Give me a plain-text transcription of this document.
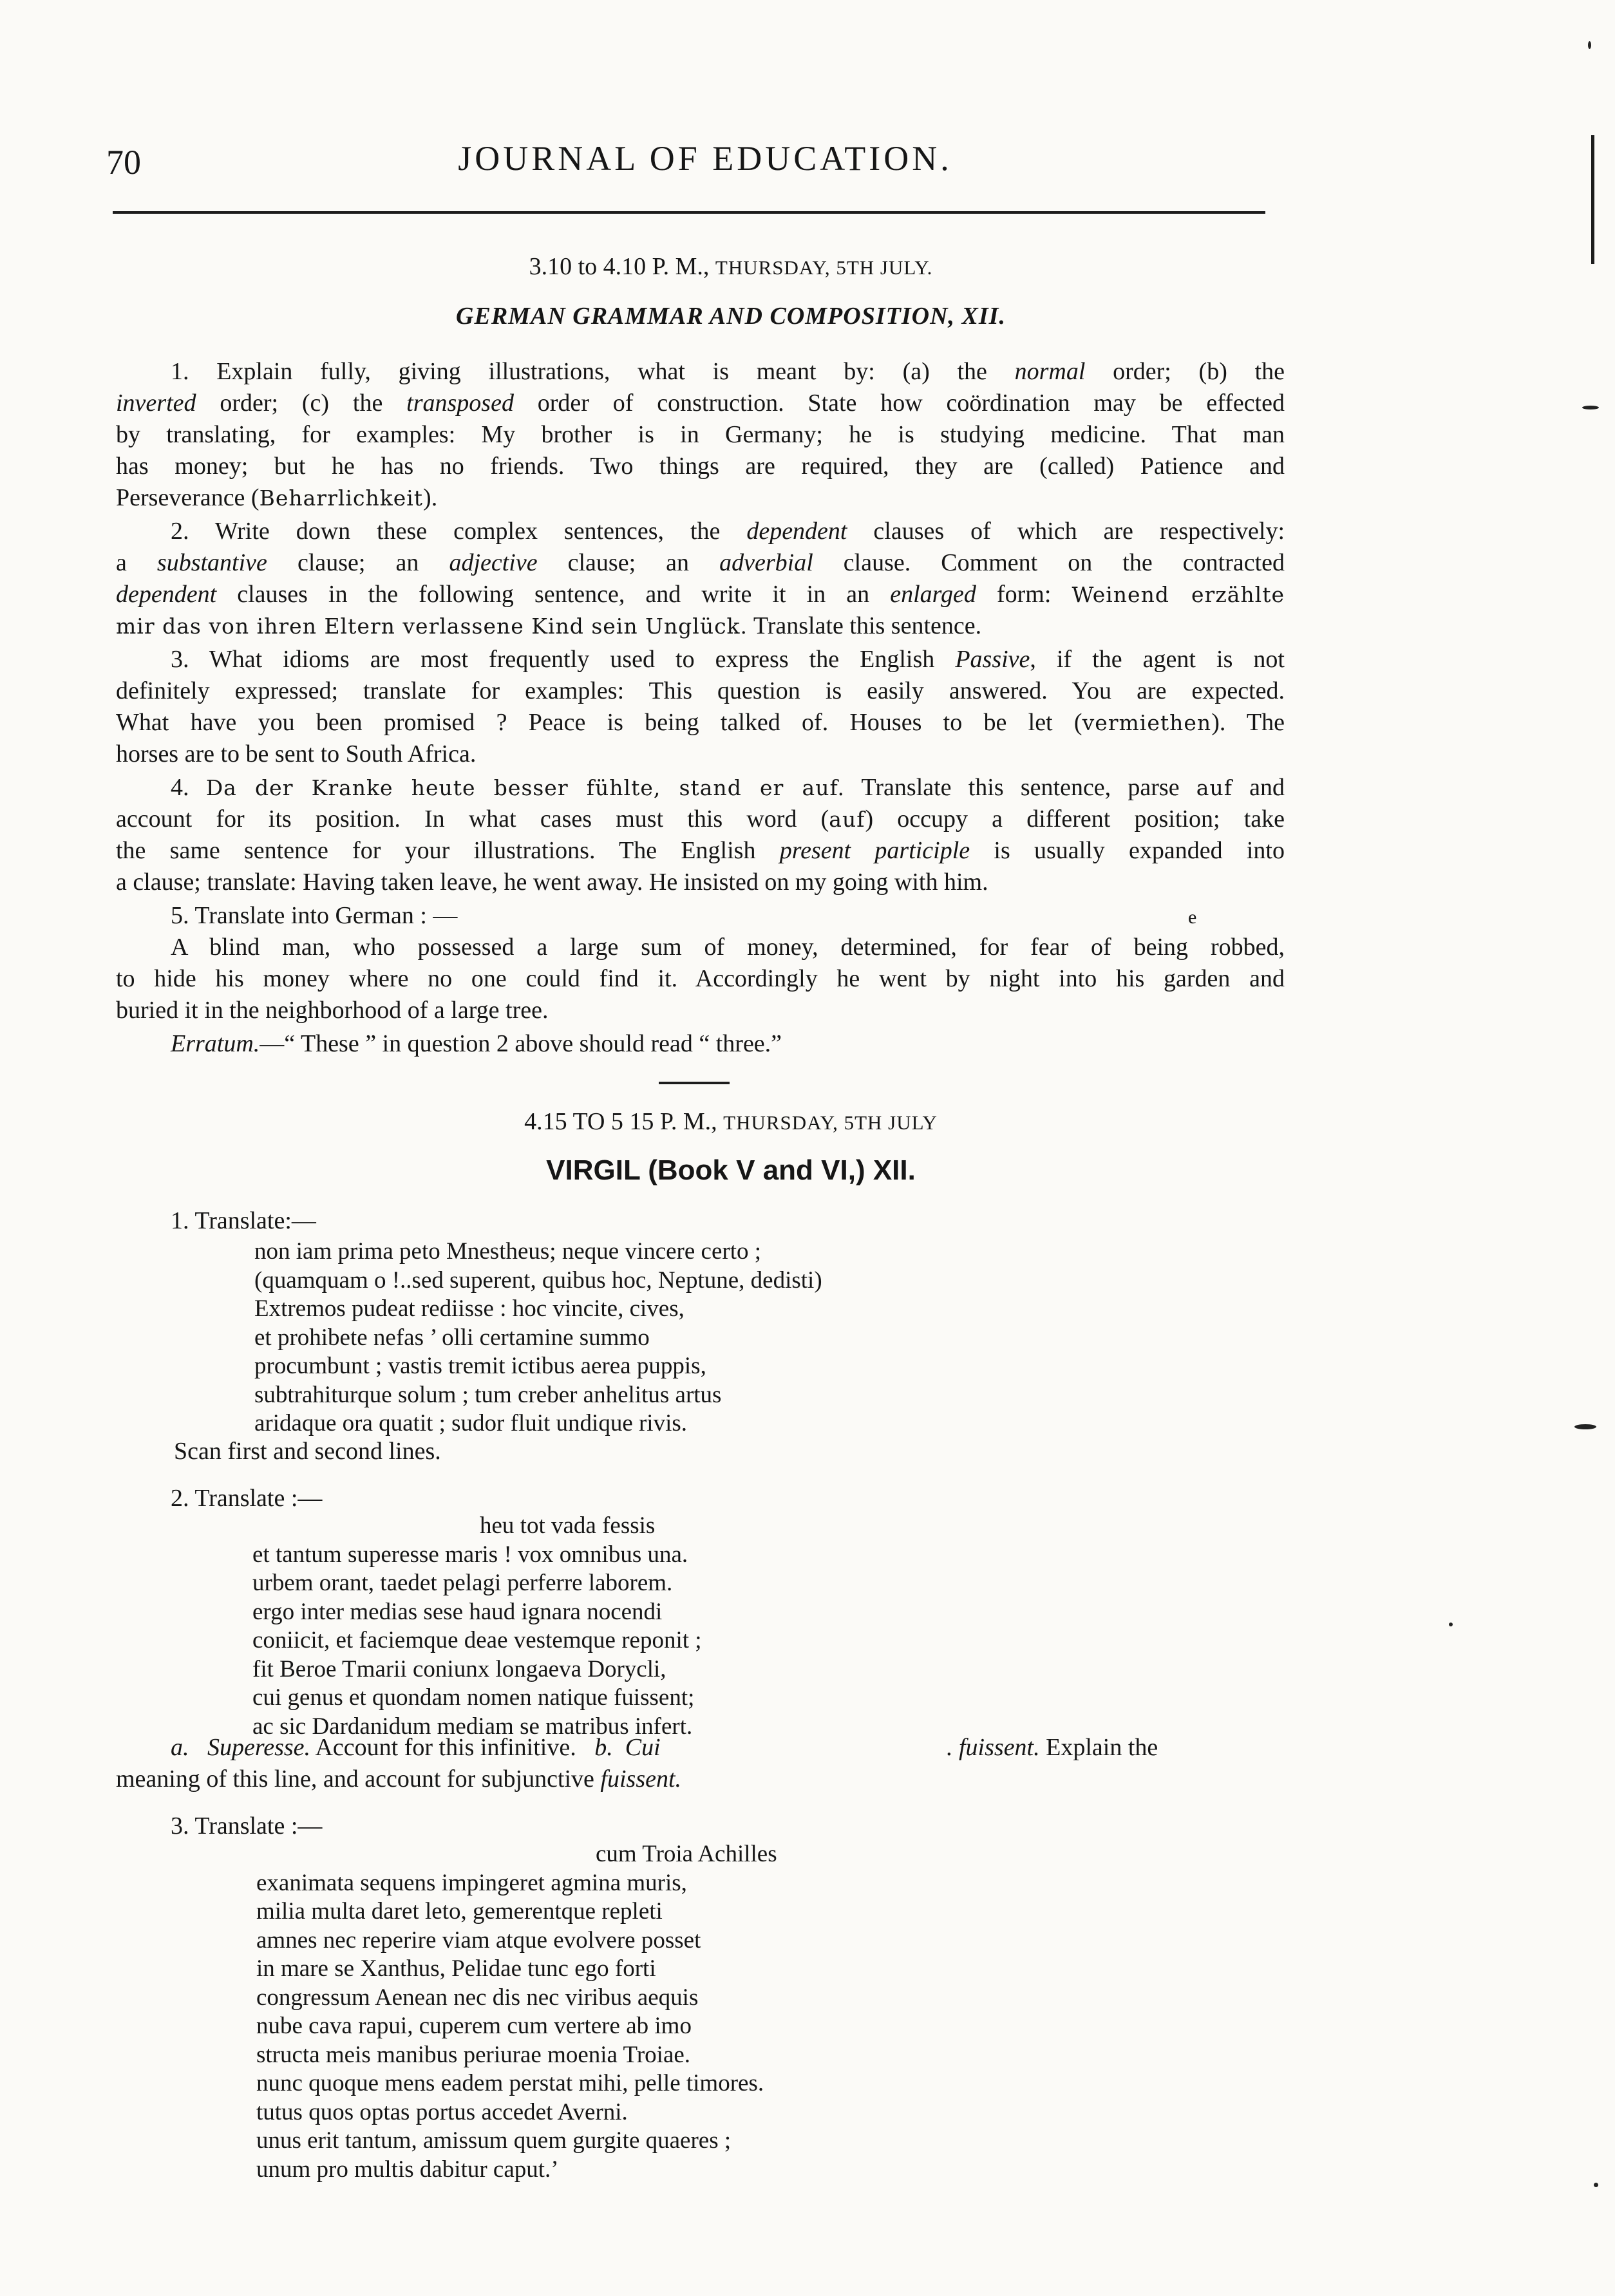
70	JOURNAL OF EDUCATION.
3.10 to 4.10 P. M., THURSDAY, 5TH JULY.
GERMAN GRAMMAR AND COMPOSITION, XII.
1. Explain fully, giving illustrations, what is meant by: (a) the normal order; (b) the
inverted order; (c) the transposed order of construction. State how coördination may be effected
by translating, for examples: My brother is in Germany; he is studying medicine. That man
has money; but he has no friends. Two things are required, they are (called) Patience and
Perseverance (Beharrlichkeit).
2. Write down these complex sentences, the dependent clauses of which are respectively:
a substantive clause; an adjective clause; an adverbial clause. Comment on the contracted
dependent clauses in the following sentence, and write it in an enlarged form: Weinend erzählte
mir das von ihren Eltern verlassene Kind sein Unglück. Translate this sentence.
3. What idioms are most frequently used to express the English Passive, if the agent is not
definitely expressed; translate for examples: This question is easily answered. You are expected.
What have you been promised ? Peace is being talked of. Houses to be let (vermiethen). The
horses are to be sent to South Africa.
4. Da der Kranke heute besser fühlte, stand er auf. Translate this sentence, parse auf and
account for its position. In what cases must this word (auf) occupy a different position; take
the same sentence for your illustrations. The English present participle is usually expanded into
a clause; translate: Having taken leave, he went away. He insisted on my going with him.
5. Translate into German : —	e
A blind man, who possessed a large sum of money, determined, for fear of being robbed,
to hide his money where no one could find it. Accordingly he went by night into his garden and
buried it in the neighborhood of a large tree.
Erratum.—“ These ” in question 2 above should read “ three.”
4.15 TO 5 15 P. M., THURSDAY, 5TH JULY
VIRGIL (Book V and VI,) XII.
1. Translate:—
non iam prima peto Mnestheus; neque vincere certo ;
(quamquam o !..sed superent, quibus hoc, Neptune, dedisti)
Extremos pudeat rediisse : hoc vincite, cives,
et prohibete nefas ’ olli certamine summo
procumbunt ; vastis tremit ictibus aerea puppis,
subtrahiturque solum ; tum creber anhelitus artus
aridaque ora quatit ; sudor fluit undique rivis.
Scan first and second lines.
2. Translate :—
heu tot vada fessis
et tantum superesse maris ! vox omnibus una.
urbem orant, taedet pelagi perferre laborem.
ergo inter medias sese haud ignara nocendi
coniicit, et faciemque deae vestemque reponit ;
fit Beroe Tmarii coniunx longaeva Dorycli,
cui genus et quondam nomen natique fuissent;
ac sic Dardanidum mediam se matribus infert.
a. Superesse. Account for this infinitive. b. Cui	. fuissent. Explain the
meaning of this line, and account for subjunctive fuissent.
3. Translate :—
cum Troia Achilles
exanimata sequens impingeret agmina muris,
milia multa daret leto, gemerentque repleti
amnes nec reperire viam atque evolvere posset
in mare se Xanthus, Pelidae tunc ego forti
congressum Aenean nec dis nec viribus aequis
nube cava rapui, cuperem cum vertere ab imo
structa meis manibus periurae moenia Troiae.
nunc quoque mens eadem perstat mihi, pelle timores.
tutus quos optas portus accedet Averni.
unus erit tantum, amissum quem gurgite quaeres ;
unum pro multis dabitur caput.’
